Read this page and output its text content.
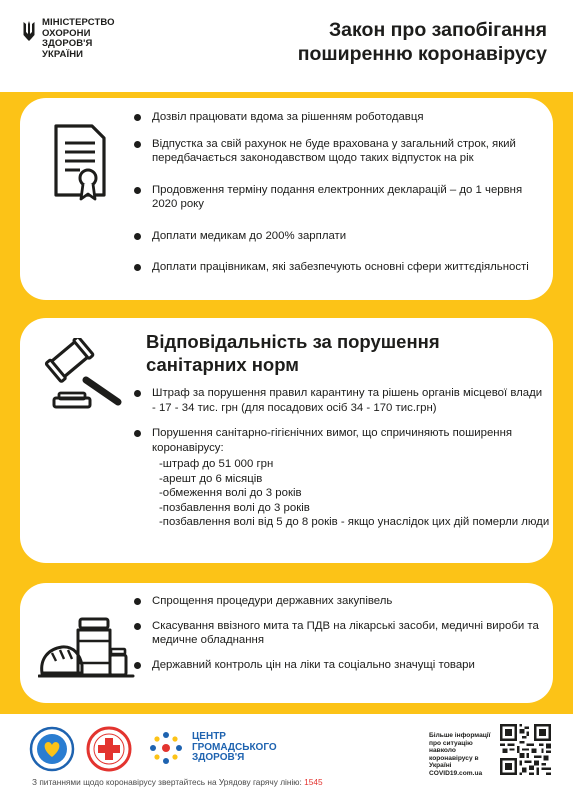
МІНІСТЕРСТВО
ОХОРОНИ
ЗДОРОВ'Я
УКРАЇНИ
Закон про запобігання
поширенню коронавірусу
Дозвіл працювати вдома за рішенням роботодавця
Відпустка за свій рахунок не буде врахована у загальний строк, який передбачається законодавством щодо таких відпусток на рік
Продовження терміну подання електронних декларацій – до 1 червня 2020 року
Доплати медикам до 200% зарплати
Доплати працівникам, які забезпечують основні сфери життєдіяльності
Відповідальність за порушення
санітарних норм
Штраф за порушення правил карантину та рішень органів місцевої влади - 17 - 34 тис. грн (для посадових осіб 34 - 170 тис.грн)
Порушення санітарно-гігієнічних вимог, що спричиняють поширення коронавірусу:
-штраф до 51 000 грн
-арешт до 6 місяців
-обмеження волі до 3 років
-позбавлення волі до 3 років
-позбавлення волі від 5 до 8 років - якщо унаслідок цих дій померли люди
Спрощення процедури державних закупівель
Скасування ввізного мита та ПДВ на лікарські засоби, медичні вироби та медичне обладнання
Державний контроль цін на ліки та соціально значущі товари
ЦЕНТР
ГРОМАДСЬКОГО
ЗДОРОВ'Я
Більше інформації про ситуацію навколо коронавірусу в Україні COVID19.com.ua
З питаннями щодо коронавірусу звертайтесь на Урядову гарячу лінію: 1545
